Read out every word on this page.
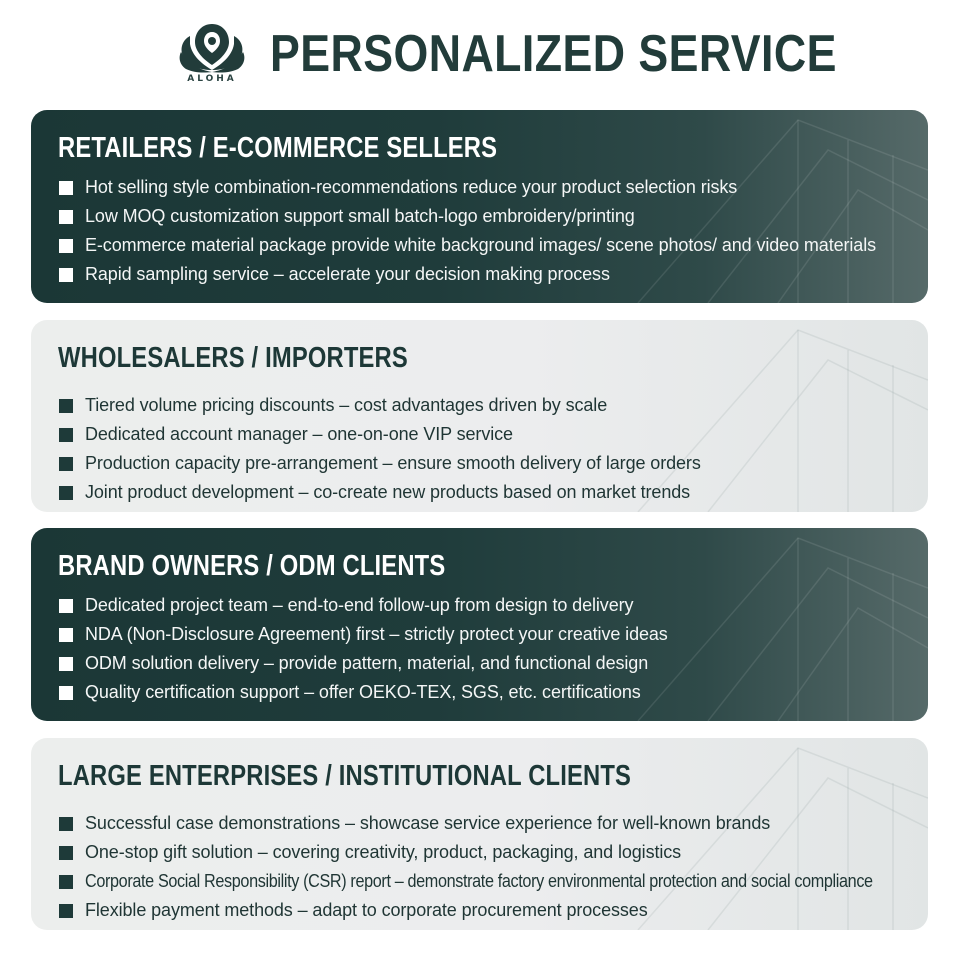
ALOHA PERSONALIZED SERVICE
RETAILERS / E-COMMERCE SELLERS
Hot selling style combination-recommendations reduce your product selection risks
Low MOQ customization support small batch-logo embroidery/printing
E-commerce material package provide white background images/ scene photos/ and video materials
Rapid sampling service – accelerate your decision making process
WHOLESALERS / IMPORTERS
Tiered volume pricing discounts – cost advantages driven by scale
Dedicated account manager – one-on-one VIP service
Production capacity pre-arrangement – ensure smooth delivery of large orders
Joint product development – co-create new products based on market trends
BRAND OWNERS / ODM CLIENTS
Dedicated project team – end-to-end follow-up from design to delivery
NDA (Non-Disclosure Agreement) first – strictly protect your creative ideas
ODM solution delivery – provide pattern, material, and functional design
Quality certification support – offer OEKO-TEX, SGS, etc. certifications
LARGE ENTERPRISES / INSTITUTIONAL CLIENTS
Successful case demonstrations – showcase service experience for well-known brands
One-stop gift solution – covering creativity, product, packaging, and logistics
Corporate Social Responsibility (CSR) report – demonstrate factory environmental protection and social compliance
Flexible payment methods – adapt to corporate procurement processes
